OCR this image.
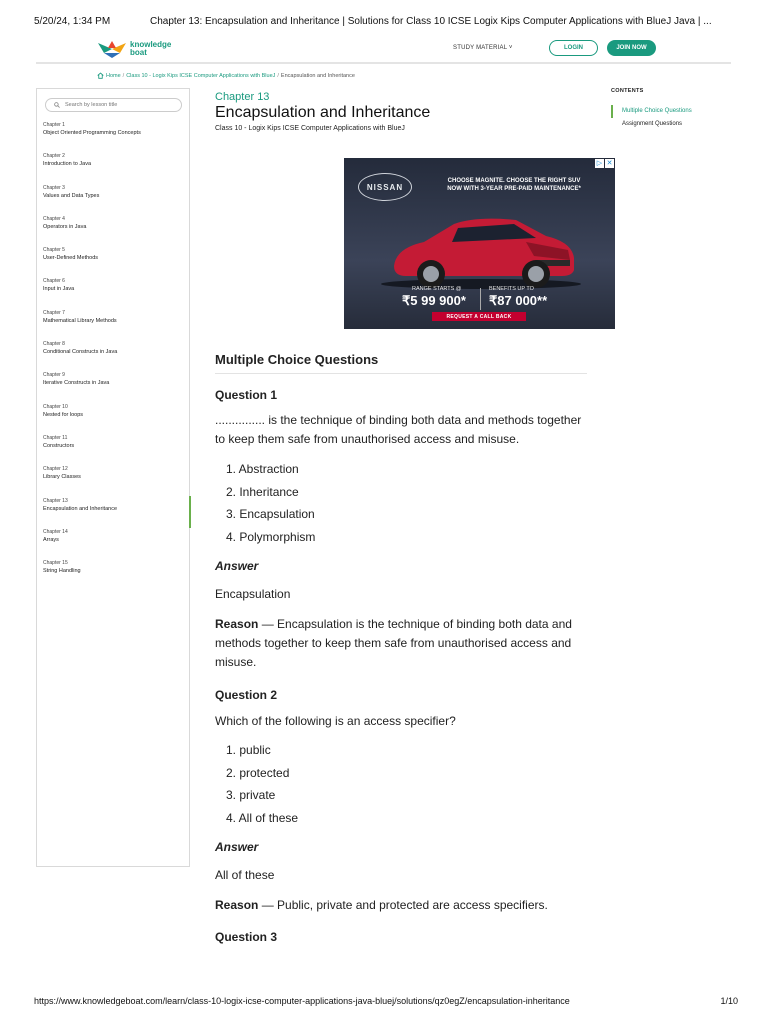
5/20/24, 1:34 PM	Chapter 13: Encapsulation and Inheritance | Solutions for Class 10 ICSE Logix Kips Computer Applications with BlueJ Java | ...
knowledge
boat	STUDY MATERIAL ˅	LOGIN	JOIN NOW
Home / Class 10 - Logix Kips ICSE Computer Applications with BlueJ / Encapsulation and Inheritance
Search by lesson title
Chapter 1
Object Oriented Programming Concepts
Chapter 2
Introduction to Java
Chapter 3
Values and Data Types
Chapter 4
Operators in Java
Chapter 5
User-Defined Methods
Chapter 6
Input in Java
Chapter 7
Mathematical Library Methods
Chapter 8
Conditional Constructs in Java
Chapter 9
Iterative Constructs in Java
Chapter 10
Nested for loops
Chapter 11
Constructors
Chapter 12
Library Classes
Chapter 13
Encapsulation and Inheritance
Chapter 14
Arrays
Chapter 15
String Handling
Chapter 13
Encapsulation and Inheritance
Class 10 - Logix Kips ICSE Computer Applications with BlueJ
▷ ✕
NISSAN
CHOOSE MAGNITE. CHOOSE THE RIGHT SUV
NOW WITH 3-YEAR PRE-PAID MAINTENANCE*
RANGE STARTS @
₹5 99 900*
BENEFITS UP TO
₹87 000**
REQUEST A CALL BACK
CONTENTS
Multiple Choice Questions
Assignment Questions
Multiple Choice Questions
Question 1
............... is the technique of binding both data and methods together to keep them safe from unauthorised access and misuse.
1. Abstraction
2. Inheritance
3. Encapsulation
4. Polymorphism
Answer
Encapsulation
Reason — Encapsulation is the technique of binding both data and methods together to keep them safe from unauthorised access and misuse.
Question 2
Which of the following is an access specifier?
1. public
2. protected
3. private
4. All of these
Answer
All of these
Reason — Public, private and protected are access specifiers.
Question 3
https://www.knowledgeboat.com/learn/class-10-logix-icse-computer-applications-java-bluej/solutions/qz0egZ/encapsulation-inheritance	1/10
